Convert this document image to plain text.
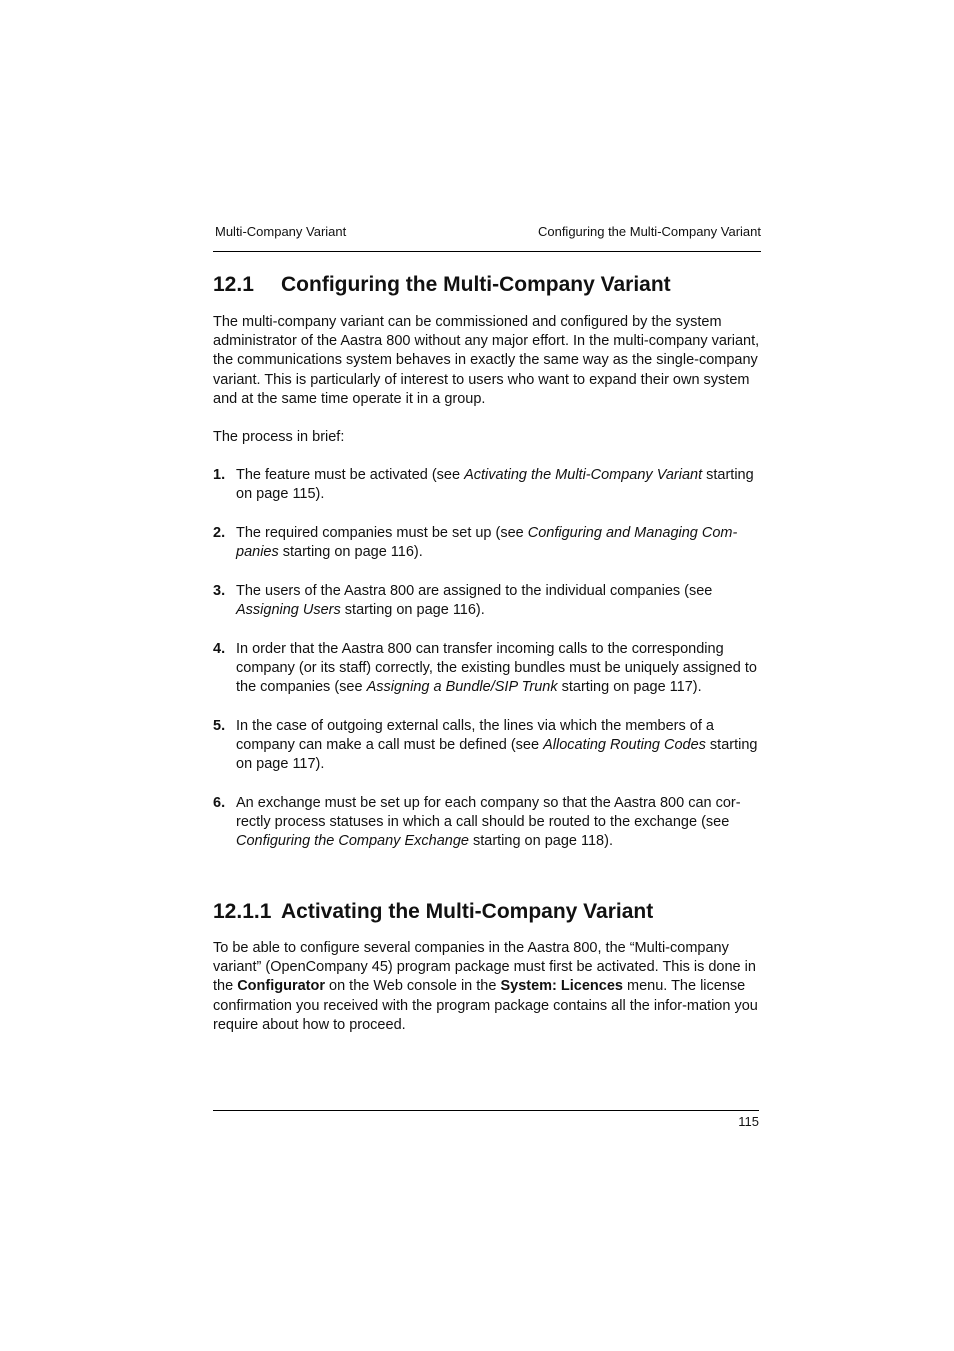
Multi-Company Variant	Configuring the Multi-Company Variant
12.1 Configuring the Multi-Company Variant

The multi-company variant can be commissioned and configured by the system administrator of the Aastra 800 without any major effort. In the multi-company variant, the communications system behaves in exactly the same way as the single-company variant. This is particularly of interest to users who want to expand their own system and at the same time operate it in a group.

The process in brief:

1. The feature must be activated (see Activating the Multi-Company Variant starting on page 115).
2. The required companies must be set up (see Configuring and Managing Com-panies starting on page 116).
3. The users of the Aastra 800 are assigned to the individual companies (see Assigning Users starting on page 116).
4. In order that the Aastra 800 can transfer incoming calls to the corresponding company (or its staff) correctly, the existing bundles must be uniquely assigned to the companies (see Assigning a Bundle/SIP Trunk starting on page 117).
5. In the case of outgoing external calls, the lines via which the members of a company can make a call must be defined (see Allocating Routing Codes starting on page 117).
6. An exchange must be set up for each company so that the Aastra 800 can cor-rectly process statuses in which a call should be routed to the exchange (see Configuring the Company Exchange starting on page 118).
12.1.1 Activating the Multi-Company Variant

To be able to configure several companies in the Aastra 800, the “Multi-company variant” (OpenCompany 45) program package must first be activated. This is done in the Configurator on the Web console in the System: Licences menu. The license confirmation you received with the program package contains all the infor-mation you require about how to proceed.

115
